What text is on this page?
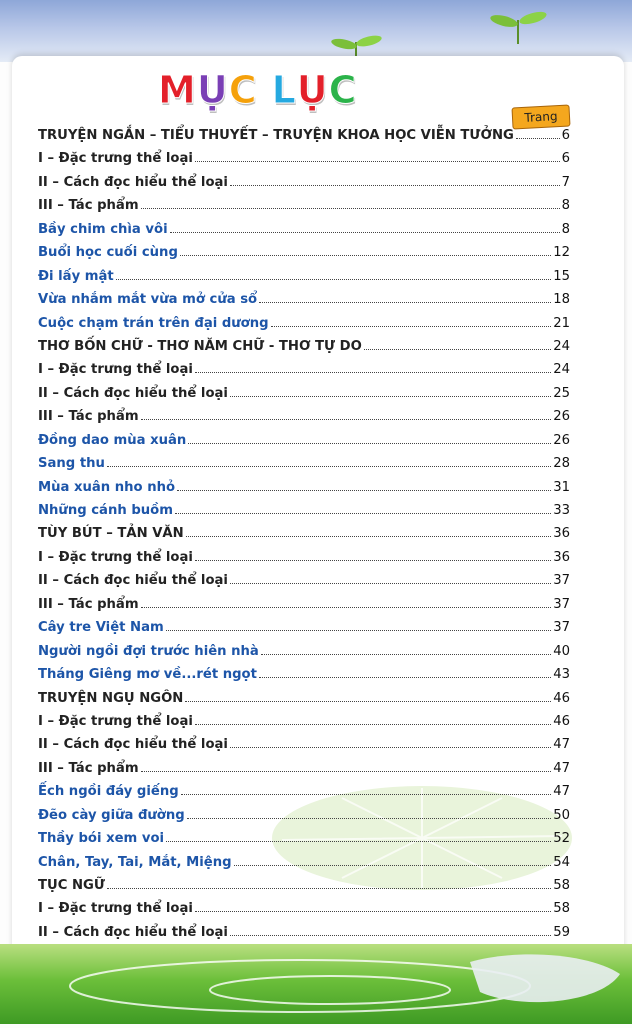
M Ụ C L Ụ C
Trang
TRUYỆN NGẮN – TIỂU THUYẾT – TRUYỆN KHOA HỌC VIỄN TƯỞNG	6
I – Đặc trưng thể loại	6
II – Cách đọc hiểu thể loại	7
III – Tác phẩm	8
Bầy chim chìa vôi	8
Buổi học cuối cùng	12
Đi lấy mật	15
Vừa nhắm mắt vừa mở cửa sổ	18
Cuộc chạm trán trên đại dương	21
THƠ BỐN CHỮ - THƠ NĂM CHỮ - THƠ TỰ DO	24
I – Đặc trưng thể loại	24
II – Cách đọc hiểu thể loại	25
III – Tác phẩm	26
Đồng dao mùa xuân	26
Sang thu	28
Mùa xuân nho nhỏ	31
Những cánh buồm	33
TÙY BÚT – TẢN VĂN	36
I – Đặc trưng thể loại	36
II – Cách đọc hiểu thể loại	37
III – Tác phẩm	37
Cây tre Việt Nam	37
Người ngồi đợi trước hiên nhà	40
Tháng Giêng mơ về...rét ngọt	43
TRUYỆN NGỤ NGÔN	46
I – Đặc trưng thể loại	46
II – Cách đọc hiểu thể loại	47
III – Tác phẩm	47
Ếch ngồi đáy giếng	47
Đẽo cày giữa đường	50
Thầy bói xem voi	52
Chân, Tay, Tai, Mắt, Miệng	54
TỤC NGỮ	58
I – Đặc trưng thể loại	58
II – Cách đọc hiểu thể loại	59
